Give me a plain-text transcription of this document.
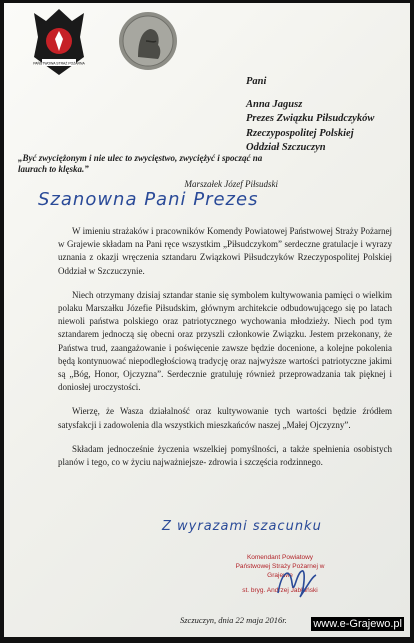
PAŃSTWOWA STRAŻ POŻARNA
Pani
Anna Jagusz
Prezes Związku Piłsudczyków
Rzeczypospolitej Polskiej
Oddział Szczuczyn
„Być zwyciężonym i nie ulec to zwycięstwo, zwyciężyć i spocząć na laurach to klęska.”
Marszałek Józef Piłsudski
Szanowna Pani Prezes

W imieniu strażaków i pracowników Komendy Powiatowej Państwowej Straży Pożarnej w Grajewie składam na Pani ręce wszystkim „Piłsudczykom” serdeczne gratulacje i wyrazy uznania z okazji wręczenia sztandaru Związkowi Piłsudczyków Rzeczypospolitej Polskiej Oddział w Szczuczynie.

Niech otrzymany dzisiaj sztandar stanie się symbolem kultywowania pamięci o wielkim polaku Marszałku Józefie Piłsudskim, głównym architekcie odbudowującego się po latach niewoli państwa polskiego oraz patriotycznego wychowania młodzieży. Niech pod tym sztandarem jednoczą się obecni oraz przyszli członkowie Związku. Jestem przekonany, że Państwa trud, zaangażowanie i poświęcenie zawsze będzie docenione, a kolejne pokolenia będą kontynuować niepodległościową tradycję oraz najwyższe wartości patriotyczne jakimi są „Bóg, Honor, Ojczyzna”. Serdecznie gratuluję również przeprowadzania tak pięknej i doniosłej uroczystości.

Wierzę, że Wasza działalność oraz kultywowanie tych wartości będzie źródłem satysfakcji i zadowolenia dla wszystkich mieszkańców naszej „Małej Ojczyzny”.

Składam jednocześnie życzenia wszelkiej pomyślności, a także spełnienia osobistych planów i tego, co w życiu najważniejsze- zdrowia i szczęścia rodzinnego.

Z wyrazami szacunku
Komendant Powiatowy
Państwowej Straży Pożarnej w Grajewie
st. bryg. Andrzej Jabłoński
Szczuczyn, dnia 22 maja 2016r. www.e-Grajewo.pl
